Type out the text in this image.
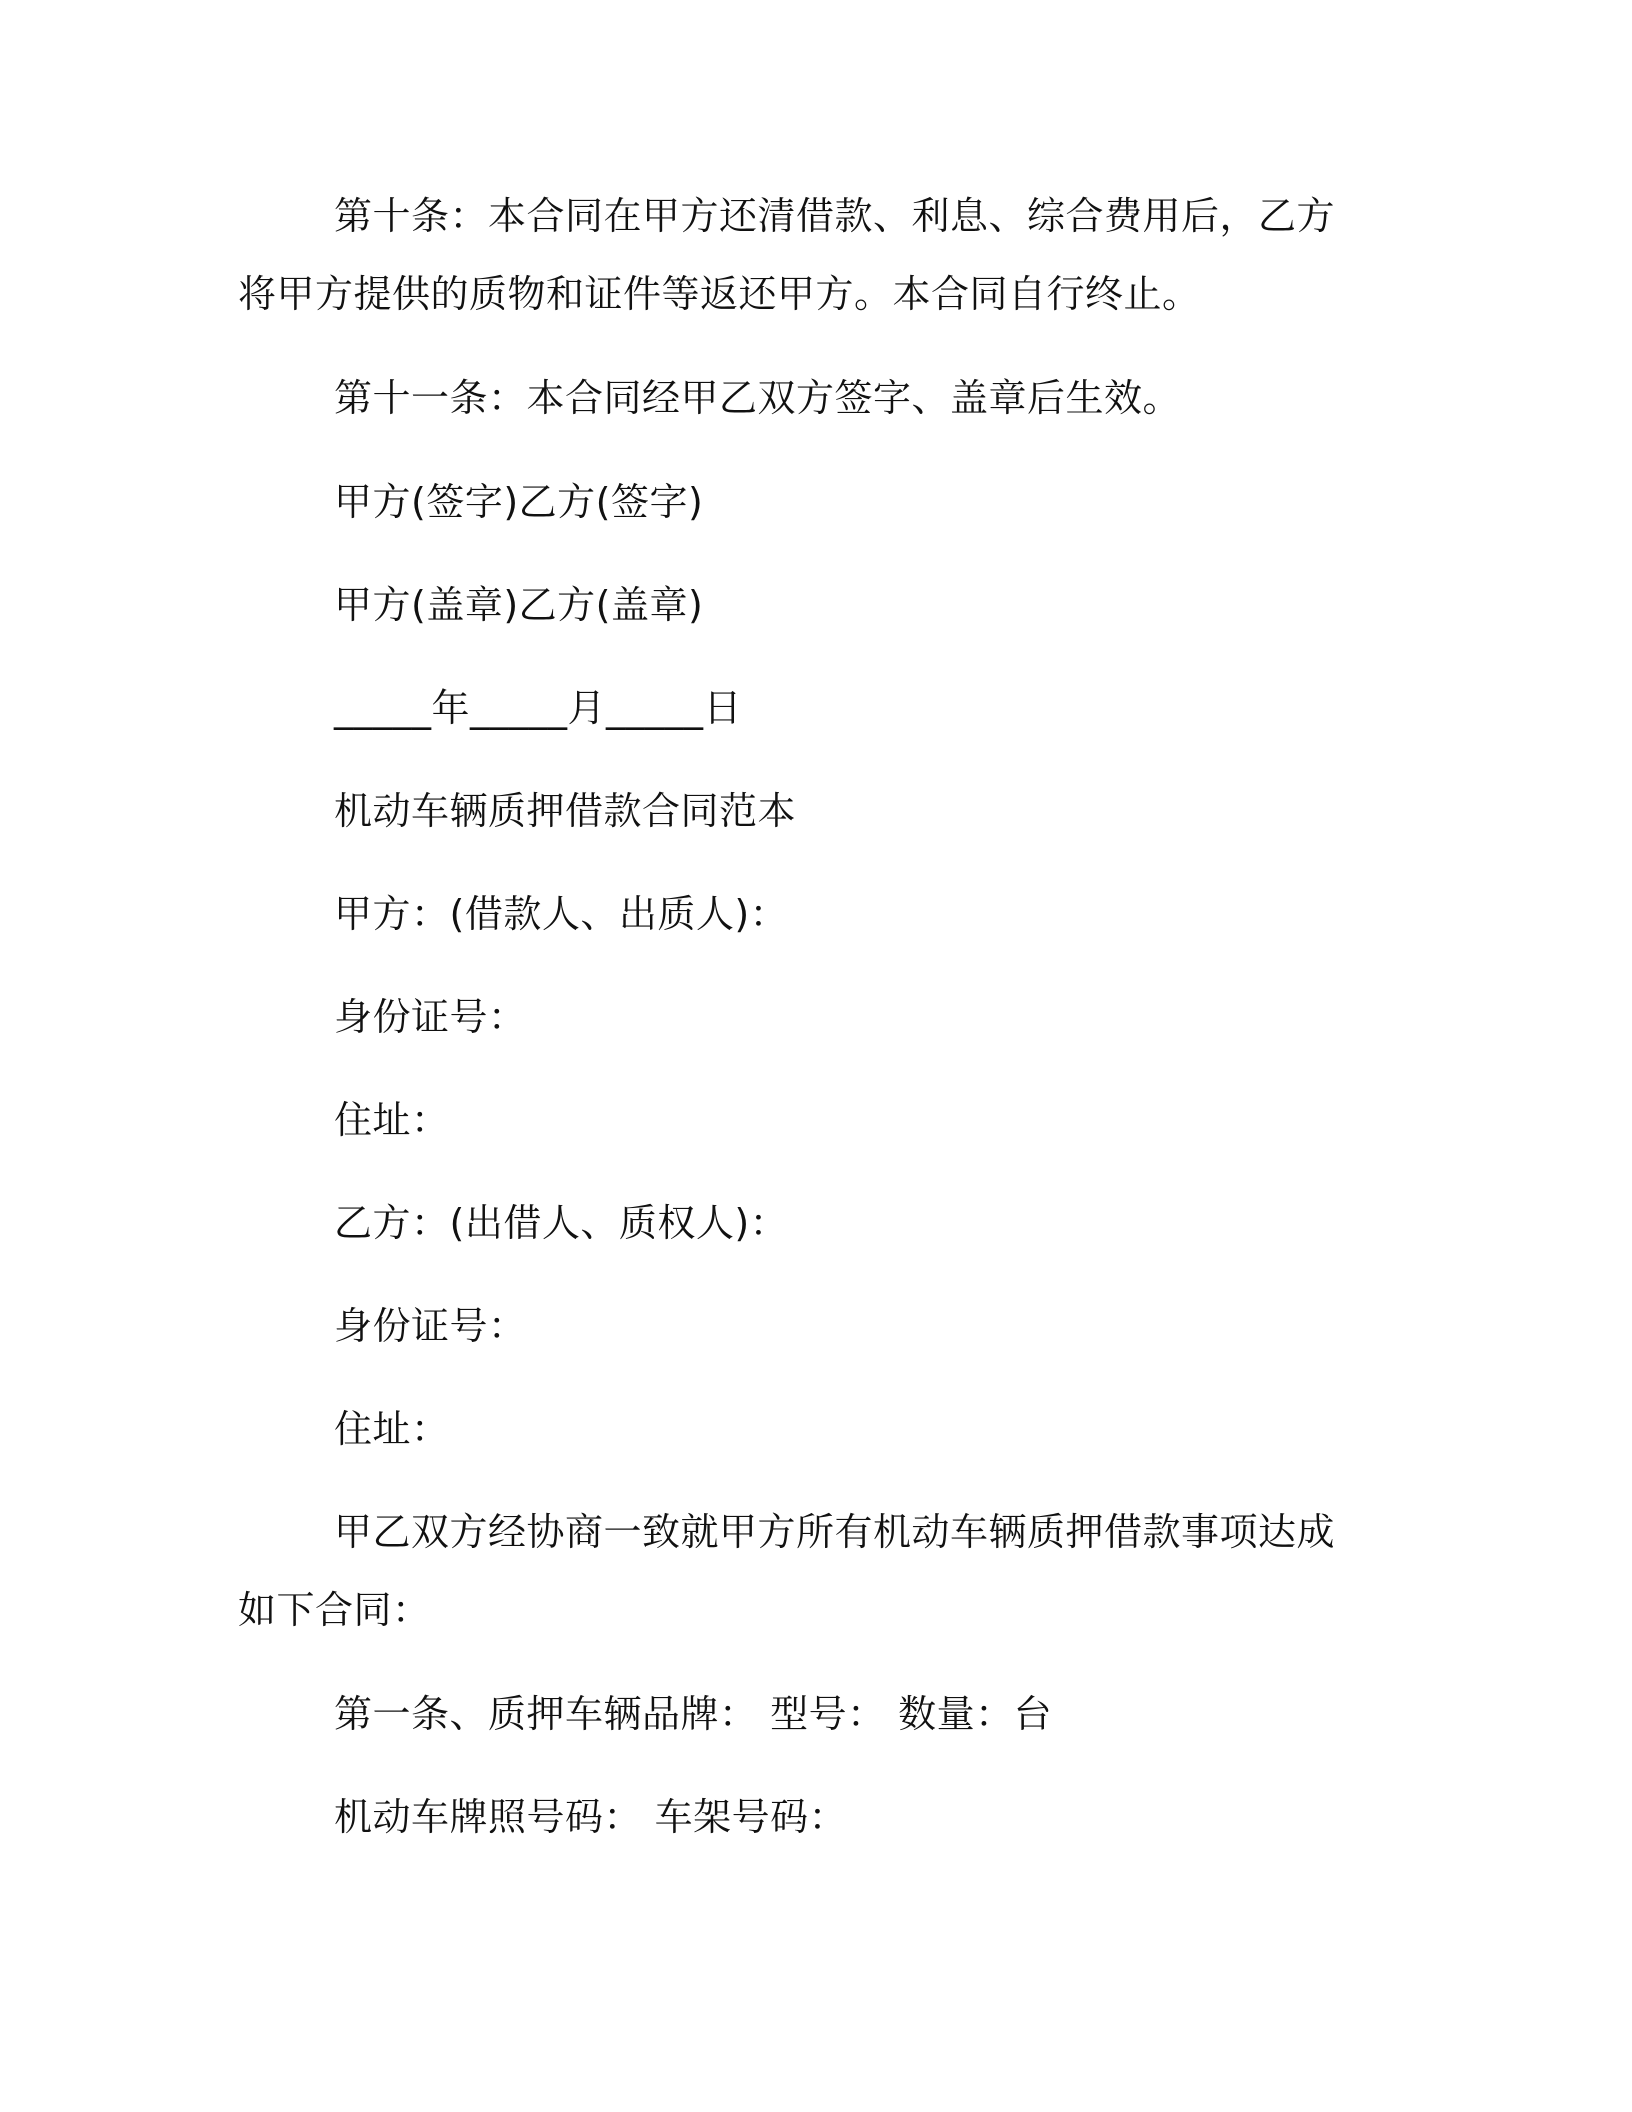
第十条：本合同在甲方还清借款、利息、综合费用后，乙方将甲方提供的质物和证件等返还甲方。本合同自行终止。

第十一条：本合同经甲乙双方签字、盖章后生效。

甲方(签字)乙方(签字)

甲方(盖章)乙方(盖章)

_____年_____月_____日

机动车辆质押借款合同范本

甲方：(借款人、出质人)：

身份证号：

住址：

乙方：(出借人、质权人)：

身份证号：

住址：

甲乙双方经协商一致就甲方所有机动车辆质押借款事项达成如下合同：

第一条、质押车辆品牌： 型号： 数量：台

机动车牌照号码： 车架号码：
